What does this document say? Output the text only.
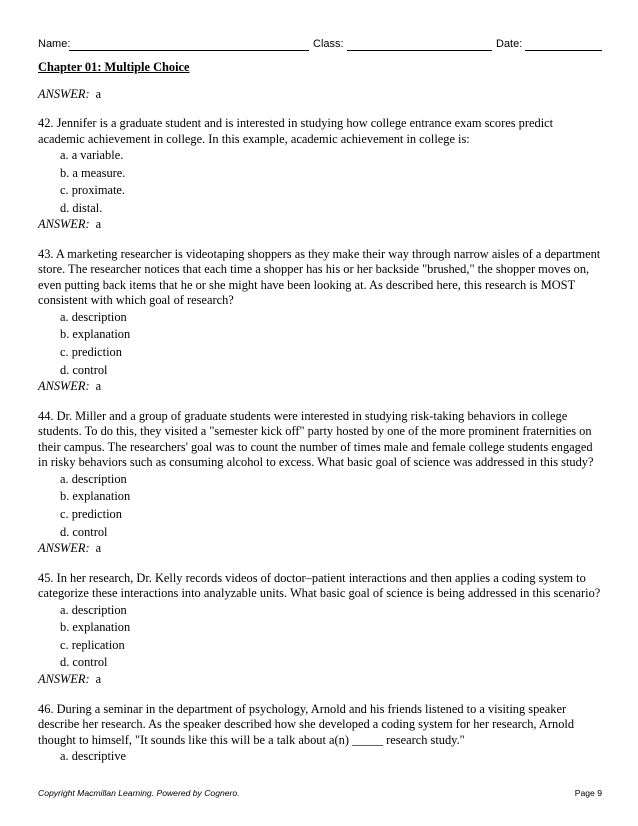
Name:	Class:	Date:

Chapter 01: Multiple Choice

ANSWER: a

42. Jennifer is a graduate student and is interested in studying how college entrance exam scores predict academic achievement in college. In this example, academic achievement in college is:

a. a variable.

b. a measure.

c. proximate.

d. distal.

ANSWER: a

43. A marketing researcher is videotaping shoppers as they make their way through narrow aisles of a department store. The researcher notices that each time a shopper has his or her backside "brushed," the shopper moves on, even putting back items that he or she might have been looking at. As described here, this research is MOST consistent with which goal of research?

a. description

b. explanation

c. prediction

d. control

ANSWER: a

44. Dr. Miller and a group of graduate students were interested in studying risk-taking behaviors in college students. To do this, they visited a "semester kick off" party hosted by one of the more prominent fraternities on their campus. The researchers' goal was to count the number of times male and female college students engaged in risky behaviors such as consuming alcohol to excess. What basic goal of science was addressed in this study?

a. description

b. explanation

c. prediction

d. control

ANSWER: a

45. In her research, Dr. Kelly records videos of doctor–patient interactions and then applies a coding system to categorize these interactions into analyzable units. What basic goal of science is being addressed in this scenario?

a. description

b. explanation

c. replication

d. control

ANSWER: a

46. During a seminar in the department of psychology, Arnold and his friends listened to a visiting speaker describe her research. As the speaker described how she developed a coding system for her research, Arnold thought to himself, "It sounds like this will be a talk about a(n) _____ research study."

a. descriptive

Copyright Macmillan Learning. Powered by Cognero.	Page 9
